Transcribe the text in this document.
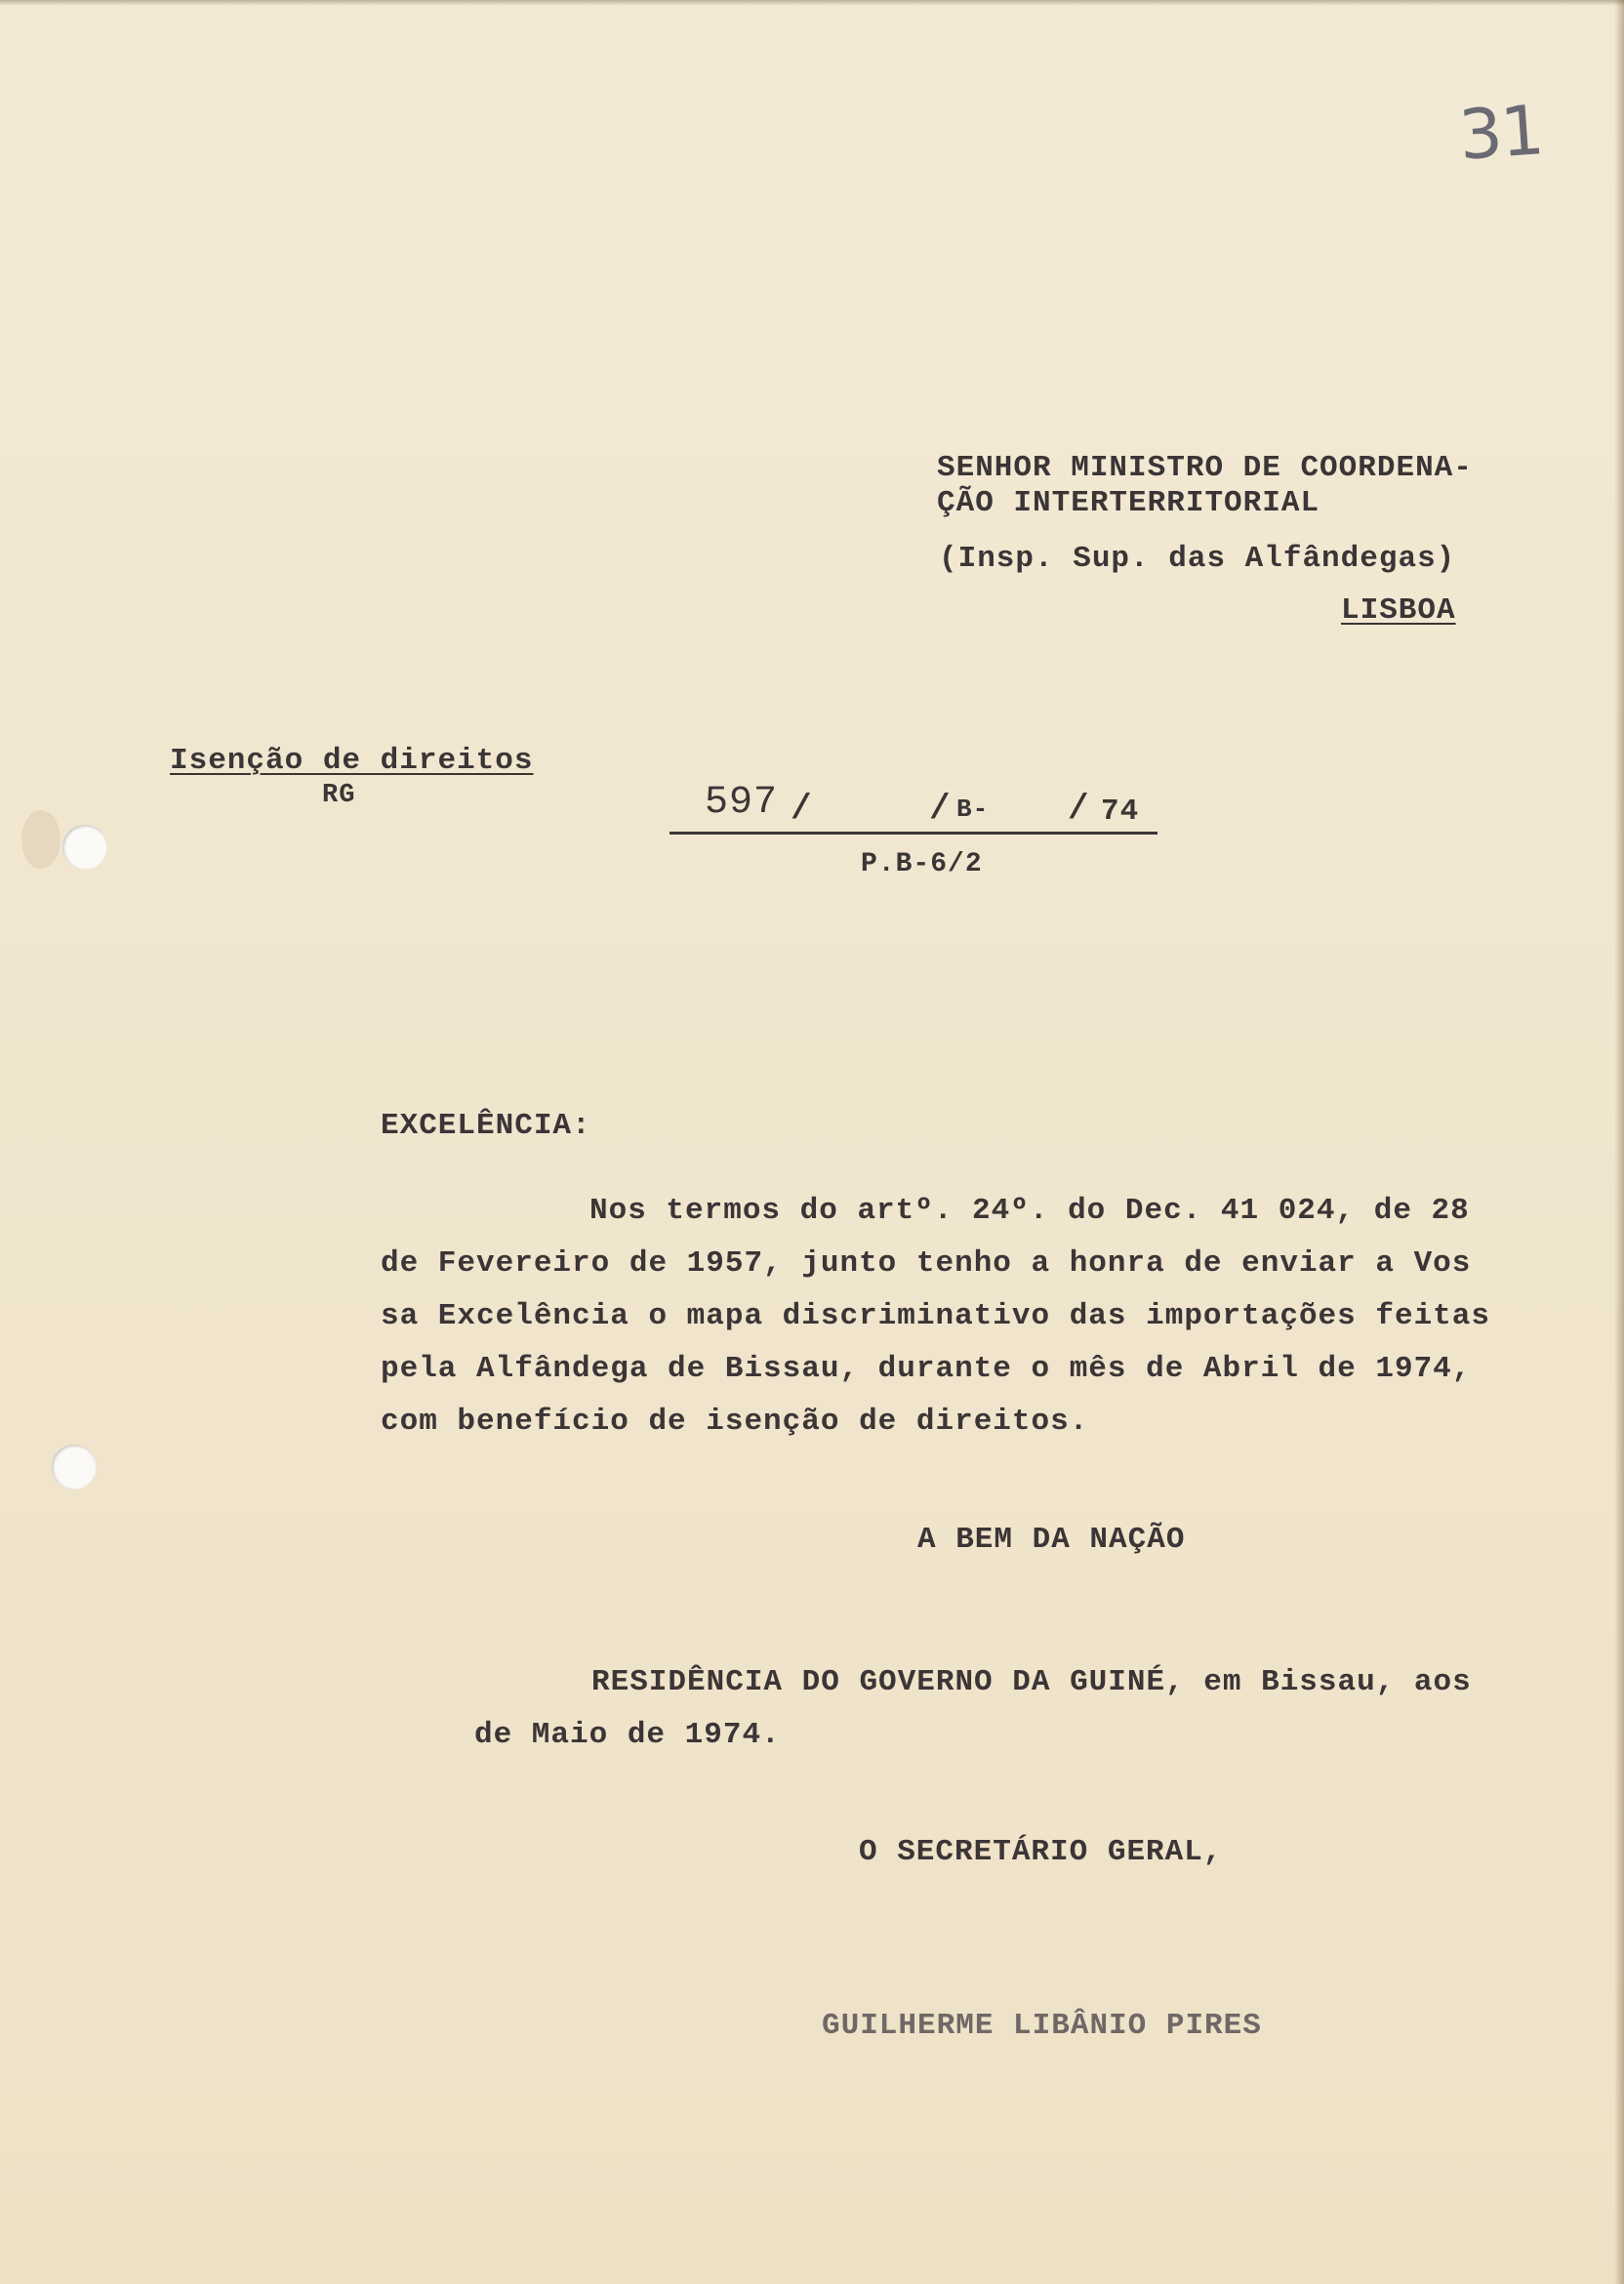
31

SENHOR MINISTRO DE COORDENA-

ÇÃO INTERTERRITORIAL

(Insp. Sup. das Alfândegas)

LISBOA

Isenção de direitos

RG	597 /	/ B- / 74

P.B-6/2

EXCELÊNCIA:

Nos termos do artº. 24º. do Dec. 41 024, de 28

de Fevereiro de 1957, junto tenho a honra de enviar a Vos

sa Excelência o mapa discriminativo das importações feitas

pela Alfândega de Bissau, durante o mês de Abril de 1974,

com benefício de isenção de direitos.

A BEM DA NAÇÃO

RESIDÊNCIA DO GOVERNO DA GUINÉ, em Bissau, aos

de Maio de 1974.

O SECRETÁRIO GERAL,

GUILHERME LIBÂNIO PIRES
